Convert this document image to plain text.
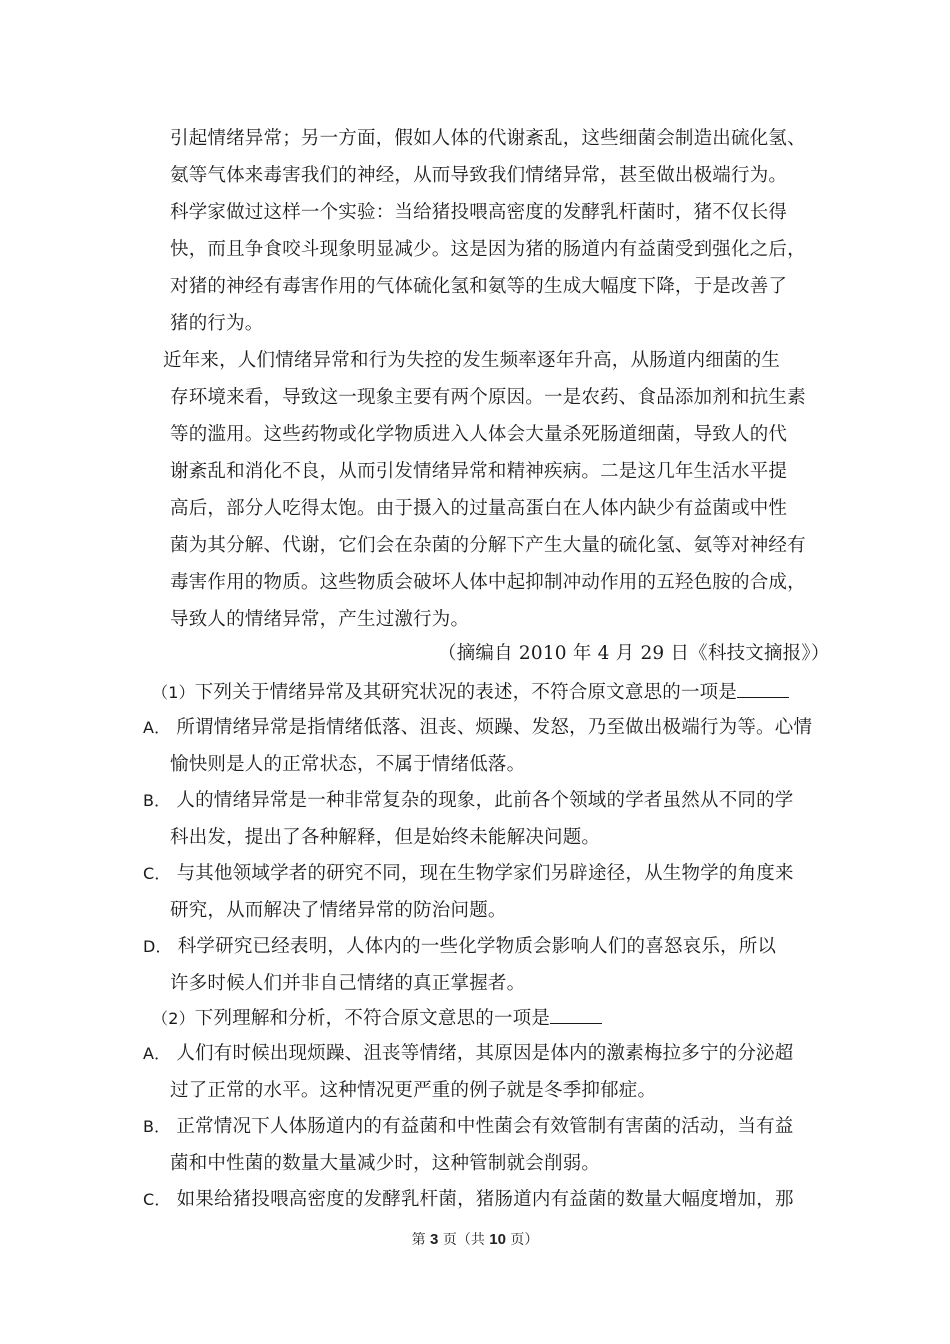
引起情绪异常；另一方面，假如人体的代谢紊乱，这些细菌会制造出硫化氢、
氨等气体来毒害我们的神经，从而导致我们情绪异常，甚至做出极端行为。
科学家做过这样一个实验：当给猪投喂高密度的发酵乳杆菌时，猪不仅长得
快，而且争食咬斗现象明显减少。这是因为猪的肠道内有益菌受到强化之后，
对猪的神经有毒害作用的气体硫化氢和氨等的生成大幅度下降，于是改善了
猪的行为。
近年来，人们情绪异常和行为失控的发生频率逐年升高，从肠道内细菌的生
存环境来看，导致这一现象主要有两个原因。一是农药、食品添加剂和抗生素
等的滥用。这些药物或化学物质进入人体会大量杀死肠道细菌，导致人的代
谢紊乱和消化不良，从而引发情绪异常和精神疾病。二是这几年生活水平提
高后，部分人吃得太饱。由于摄入的过量高蛋白在人体内缺少有益菌或中性
菌为其分解、代谢，它们会在杂菌的分解下产生大量的硫化氢、氨等对神经有
毒害作用的物质。这些物质会破坏人体中起抑制冲动作用的五羟色胺的合成，
导致人的情绪异常，产生过激行为。
（摘编自 2010 年 4 月 29 日《科技文摘报》）
（1）下列关于情绪异常及其研究状况的表述，不符合原文意思的一项是
A． 所谓情绪异常是指情绪低落、沮丧、烦躁、发怒，乃至做出极端行为等。心情
愉快则是人的正常状态，不属于情绪低落。
B． 人的情绪异常是一种非常复杂的现象，此前各个领域的学者虽然从不同的学
科出发，提出了各种解释，但是始终未能解决问题。
C． 与其他领域学者的研究不同，现在生物学家们另辟途径，从生物学的角度来
研究，从而解决了情绪异常的防治问题。
D． 科学研究已经表明，人体内的一些化学物质会影响人们的喜怒哀乐，所以
许多时候人们并非自己情绪的真正掌握者。
（2）下列理解和分析，不符合原文意思的一项是
A． 人们有时候出现烦躁、沮丧等情绪，其原因是体内的激素梅拉多宁的分泌超
过了正常的水平。这种情况更严重的例子就是冬季抑郁症。
B． 正常情况下人体肠道内的有益菌和中性菌会有效管制有害菌的活动，当有益
菌和中性菌的数量大量减少时，这种管制就会削弱。
C． 如果给猪投喂高密度的发酵乳杆菌，猪肠道内有益菌的数量大幅度增加，那
第 3 页（共 10 页）
